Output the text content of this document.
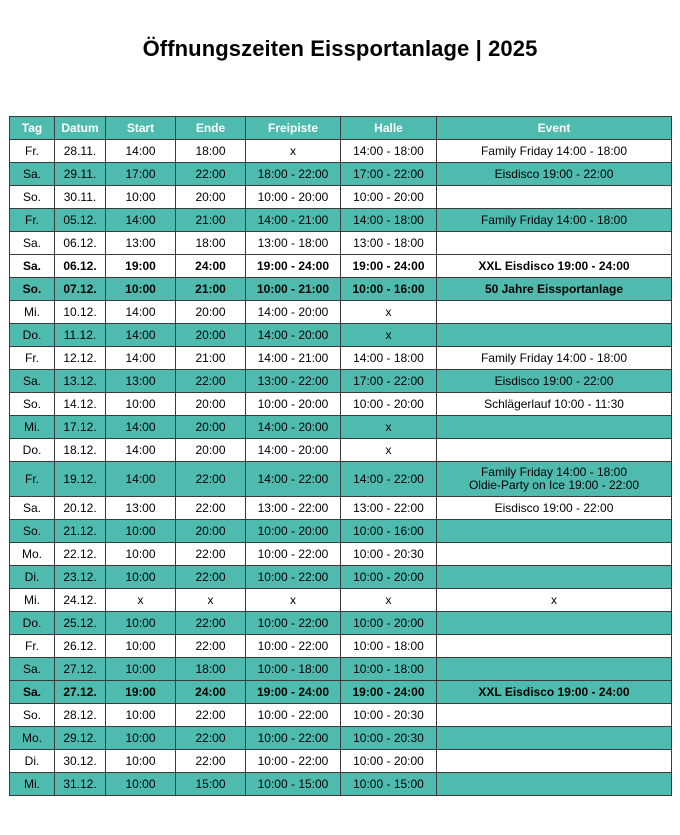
Öffnungszeiten Eissportanlage | 2025
Tag	Datum	Start	Ende	Freipiste	Halle	Event
Fr.	28.11.	14:00	18:00	x	14:00 - 18:00	Family Friday 14:00 - 18:00

Sa.	29.11.	17:00	22:00	18:00 - 22:00	17:00 - 22:00	Eisdisco 19:00 - 22:00

So.	30.11.	10:00	20:00	10:00 - 20:00	10:00 - 20:00	
Fr.	05.12.	14:00	21:00	14:00 - 21:00	14:00 - 18:00	Family Friday 14:00 - 18:00

Sa.	06.12.	13:00	18:00	13:00 - 18:00	13:00 - 18:00	
Sa.	06.12.	19:00	24:00	19:00 - 24:00	19:00 - 24:00	XXL Eisdisco 19:00 - 24:00

So.	07.12.	10:00	21:00	10:00 - 21:00	10:00 - 16:00	50 Jahre Eissportanlage

Mi.	10.12.	14:00	20:00	14:00 - 20:00	x	
Do.	11.12.	14:00	20:00	14:00 - 20:00	x	
Fr.	12.12.	14:00	21:00	14:00 - 21:00	14:00 - 18:00	Family Friday 14:00 - 18:00

Sa.	13.12.	13:00	22:00	13:00 - 22:00	17:00 - 22:00	Eisdisco 19:00 - 22:00

So.	14.12.	10:00	20:00	10:00 - 20:00	10:00 - 20:00	Schlägerlauf 10:00 - 11:30

Mi.	17.12.	14:00	20:00	14:00 - 20:00	x	
Do.	18.12.	14:00	20:00	14:00 - 20:00	x	
Fr.	19.12.	14:00	22:00	14:00 - 22:00	14:00 - 22:00	Family Friday 14:00 - 18:00
Oldie-Party on Ice 19:00 - 22:00

Sa.	20.12.	13:00	22:00	13:00 - 22:00	13:00 - 22:00	Eisdisco 19:00 - 22:00

So.	21.12.	10:00	20:00	10:00 - 20:00	10:00 - 16:00	
Mo.	22.12.	10:00	22:00	10:00 - 22:00	10:00 - 20:30	
Di.	23.12.	10:00	22:00	10:00 - 22:00	10:00 - 20:00	
Mi.	24.12.	x	x	x	x	x

Do.	25.12.	10:00	22:00	10:00 - 22:00	10:00 - 20:00	
Fr.	26.12.	10:00	22:00	10:00 - 22:00	10:00 - 18:00	
Sa.	27.12.	10:00	18:00	10:00 - 18:00	10:00 - 18:00	
Sa.	27.12.	19:00	24:00	19:00 - 24:00	19:00 - 24:00	XXL Eisdisco 19:00 - 24:00

So.	28.12.	10:00	22:00	10:00 - 22:00	10:00 - 20:30	
Mo.	29.12.	10:00	22:00	10:00 - 22:00	10:00 - 20:30	
Di.	30.12.	10:00	22:00	10:00 - 22:00	10:00 - 20:00	
Mi.	31.12.	10:00	15:00	10:00 - 15:00	10:00 - 15:00	
